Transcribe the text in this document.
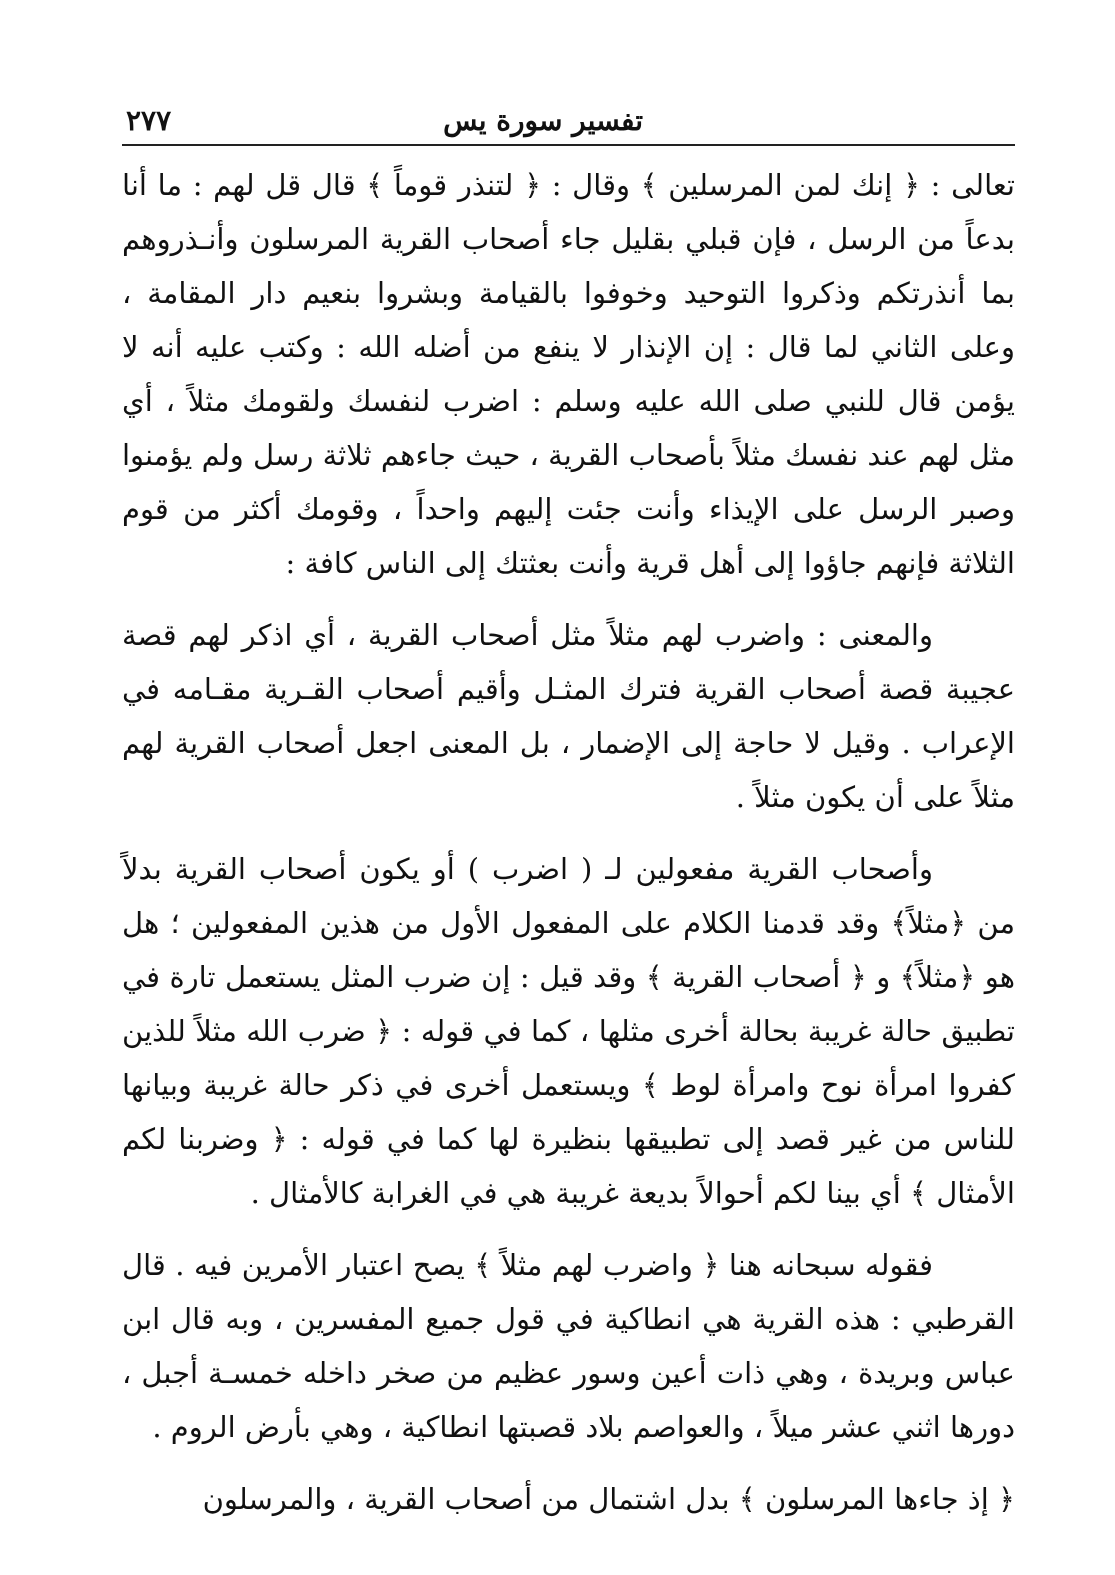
تفسير سورة يس
٢٧٧

تعالى : ﴿ إنك لمن المرسلين ﴾ وقال : ﴿ لتنذر قوماً ﴾ قال قل لهم : ما أنا بدعاً من الرسل ، فإن قبلي بقليل جاء أصحاب القرية المرسلون وأنـذروهم بما أنذرتكم وذكروا التوحيد وخوفوا بالقيامة وبشروا بنعيم دار المقامة ، وعلى الثاني لما قال : إن الإنذار لا ينفع من أضله الله : وكتب عليه أنه لا يؤمن قال للنبي صلى الله عليه وسلم : اضرب لنفسك ولقومك مثلاً ، أي مثل لهم عند نفسك مثلاً بأصحاب القرية ، حيث جاءهم ثلاثة رسل ولم يؤمنوا وصبر الرسل على الإيذاء وأنت جئت إليهم واحداً ، وقومك أكثر من قوم الثلاثة فإنهم جاؤوا إلى أهل قرية وأنت بعثتك إلى الناس كافة :

والمعنى : واضرب لهم مثلاً مثل أصحاب القرية ، أي اذكر لهم قصة عجيبة قصة أصحاب القرية فترك المثـل وأقيم أصحاب القـرية مقـامه في الإعراب . وقيل لا حاجة إلى الإضمار ، بل المعنى اجعل أصحاب القرية لهم مثلاً على أن يكون مثلاً .

وأصحاب القرية مفعولين لـ ( اضرب ) أو يكون أصحاب القرية بدلاً من ﴿مثلاً﴾ وقد قدمنا الكلام على المفعول الأول من هذين المفعولين ؛ هل هو ﴿مثلاً﴾ و ﴿ أصحاب القرية ﴾ وقد قيل : إن ضرب المثل يستعمل تارة في تطبيق حالة غريبة بحالة أخرى مثلها ، كما في قوله : ﴿ ضرب الله مثلاً للذين كفروا امرأة نوح وامرأة لوط ﴾ ويستعمل أخرى في ذكر حالة غريبة وبيانها للناس من غير قصد إلى تطبيقها بنظيرة لها كما في قوله : ﴿ وضربنا لكم الأمثال ﴾ أي بينا لكم أحوالاً بديعة غريبة هي في الغرابة كالأمثال .

فقوله سبحانه هنا ﴿ واضرب لهم مثلاً ﴾ يصح اعتبار الأمرين فيه . قال القرطبي : هذه القرية هي انطاكية في قول جميع المفسرين ، وبه قال ابن عباس وبريدة ، وهي ذات أعين وسور عظيم من صخر داخله خمسـة أجبل ، دورها اثني عشر ميلاً ، والعواصم بلاد قصبتها انطاكية ، وهي بأرض الروم .

﴿ إذ جاءها المرسلون ﴾ بدل اشتمال من أصحاب القرية ، والمرسلون
